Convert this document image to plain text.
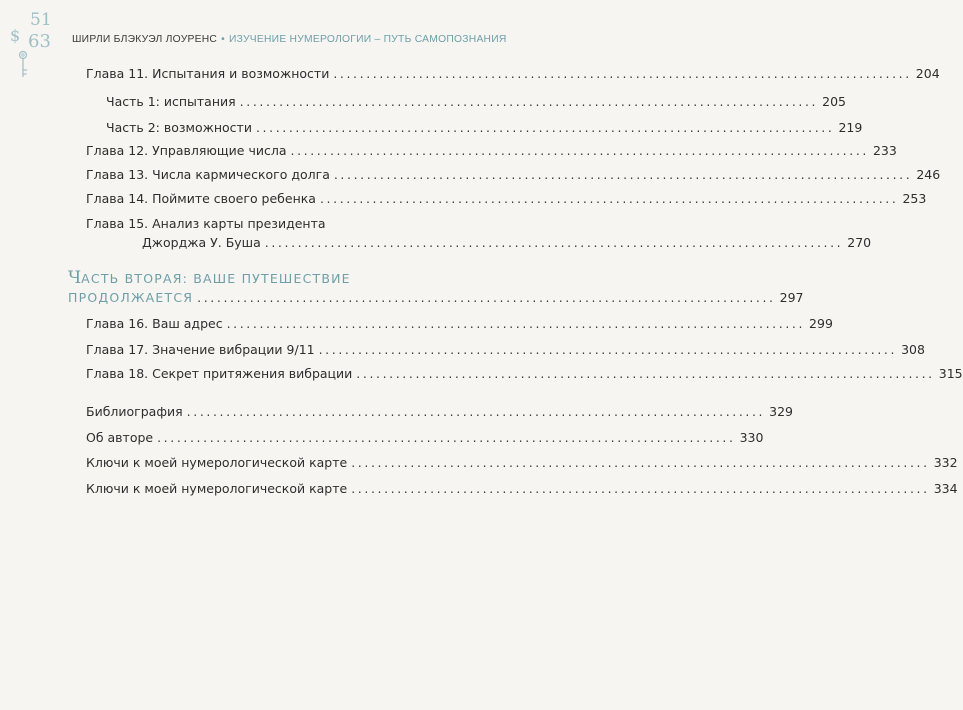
51
$ 63 ШИРЛИ БЛЭКУЭЛ ЛОУРЕНС • ИЗУЧЕНИЕ НУМЕРОЛОГИИ – ПУТЬ САМОПОЗНАНИЯ
Глава 11. Испытания и возможности ........................................................................................ 204
Часть 1: испытания ........................................................................................ 205
Часть 2: возможности ........................................................................................ 219
Глава 12. Управляющие числа ........................................................................................ 233
Глава 13. Числа кармического долга ........................................................................................ 246
Глава 14. Поймите своего ребенка ........................................................................................ 253
Глава 15. Анализ карты президента
Джорджа У. Буша ........................................................................................ 270
ЧАСТЬ ВТОРАЯ: ВАШЕ ПУТЕШЕСТВИЕ
ПРОДОЛЖАЕТСЯ ........................................................................................ 297
Глава 16. Ваш адрес ........................................................................................ 299
Глава 17. Значение вибрации 9/11 ........................................................................................ 308
Глава 18. Секрет притяжения вибрации ........................................................................................ 315
Библиография ........................................................................................ 329
Об авторе ........................................................................................ 330
Ключи к моей нумерологической карте ........................................................................................ 332
Ключи к моей нумерологической карте ........................................................................................ 334
